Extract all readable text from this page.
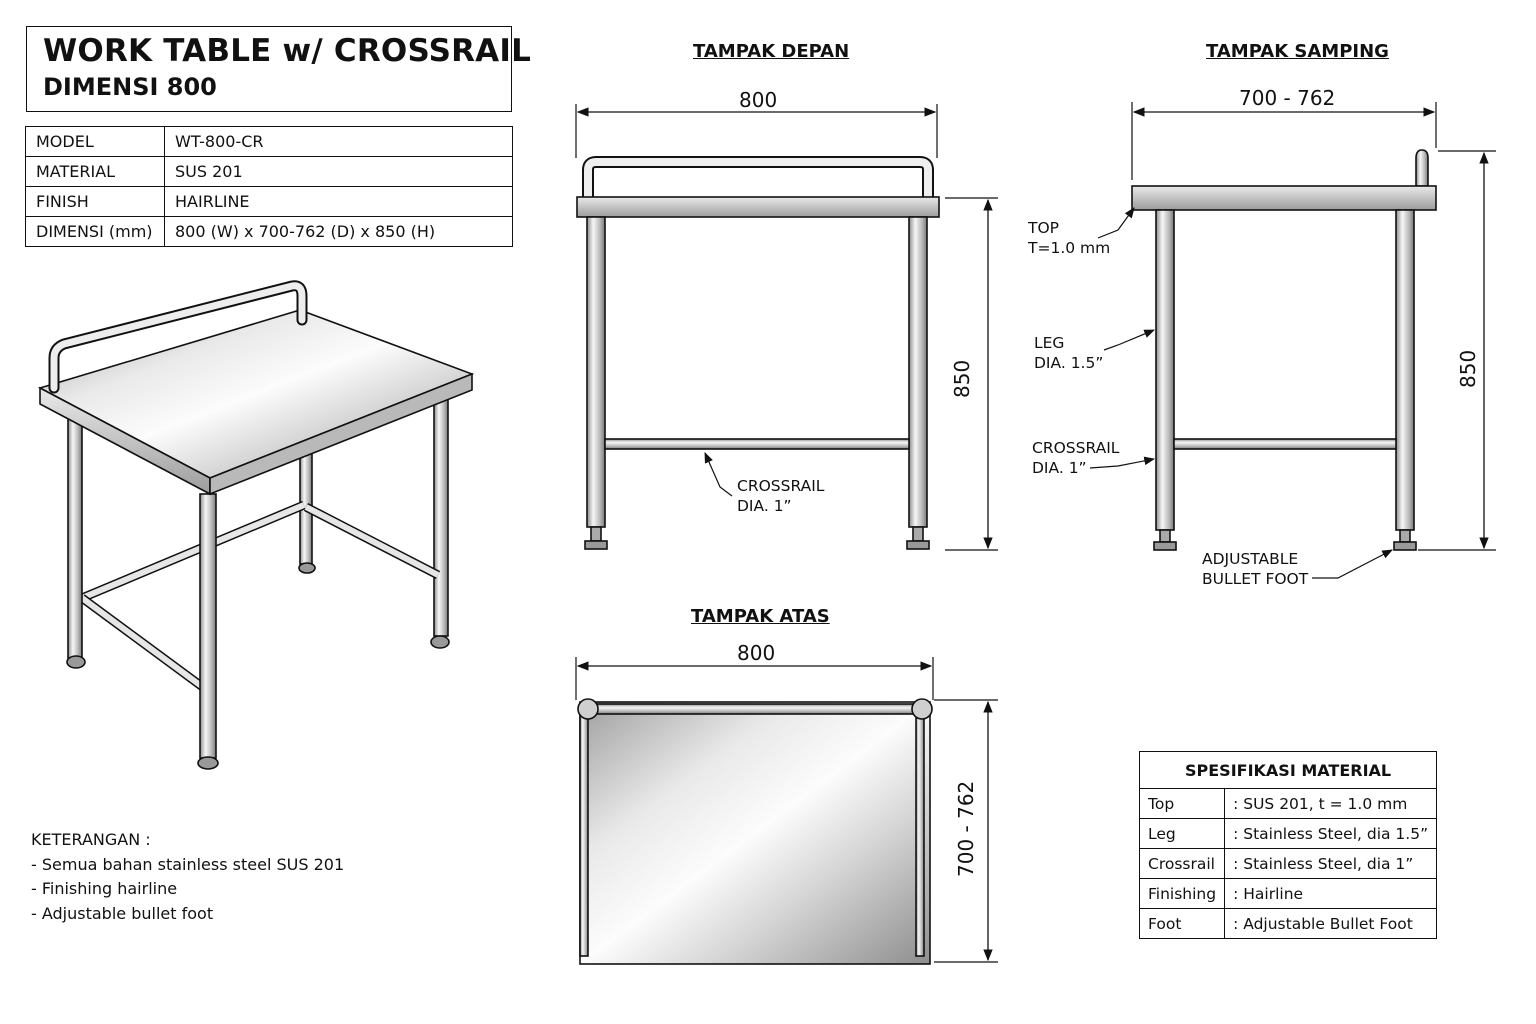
WORK TABLE w/ CROSSRAIL
DIMENSI 800
MODEL	WT-800-CR
MATERIAL	SUS 201
FINISH	HAIRLINE
DIMENSI (mm)	800 (W) x 700-762 (D) x 850 (H)
TAMPAK DEPAN	TAMPAK SAMPING
TAMPAK ATAS
800
850
CROSSRAIL
DIA. 1”
700 - 762
850
TOP
T=1.0 mm
LEG
DIA. 1.5”
CROSSRAIL
DIA. 1”
ADJUSTABLE
BULLET FOOT
800
700 - 762
KETERANGAN :
- Semua bahan stainless steel SUS 201
- Finishing hairline
- Adjustable bullet foot
SPESIFIKASI MATERIAL	
Top	: SUS 201, t = 1.0 mm
Leg	: Stainless Steel, dia 1.5”
Crossrail	: Stainless Steel, dia 1”
Finishing	: Hairline
Foot	: Adjustable Bullet Foot
